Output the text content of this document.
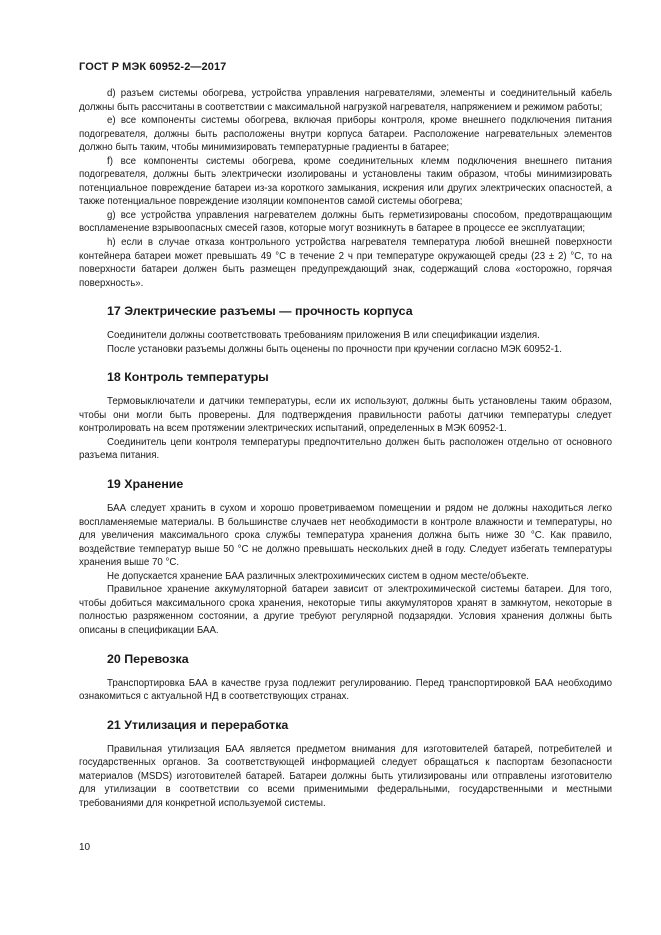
ГОСТ Р МЭК 60952-2—2017

d) разъем системы обогрева, устройства управления нагревателями, элементы и соединительный кабель должны быть рассчитаны в соответствии с максимальной нагрузкой нагревателя, напряжением и режимом работы;

e) все компоненты системы обогрева, включая приборы контроля, кроме внешнего подключения питания подогревателя, должны быть расположены внутри корпуса батареи. Расположение нагревательных элементов должно быть таким, чтобы минимизировать температурные градиенты в батарее;

f) все компоненты системы обогрева, кроме соединительных клемм подключения внешнего питания подогревателя, должны быть электрически изолированы и установлены таким образом, чтобы минимизировать потенциальное повреждение батареи из-за короткого замыкания, искрения или других электрических опасностей, а также потенциальное повреждение изоляции компонентов самой системы обогрева;

g) все устройства управления нагревателем должны быть герметизированы способом, предотвращающим воспламенение взрывоопасных смесей газов, которые могут возникнуть в батарее в процессе ее эксплуатации;

h) если в случае отказа контрольного устройства нагревателя температура любой внешней поверхности контейнера батареи может превышать 49 °С в течение 2 ч при температуре окружающей среды (23 ± 2) °С, то на поверхности батареи должен быть размещен предупреждающий знак, содержащий слова «осторожно, горячая поверхность».

17 Электрические разъемы — прочность корпуса

Соединители должны соответствовать требованиям приложения В или спецификации изделия.

После установки разъемы должны быть оценены по прочности при кручении согласно МЭК 60952-1.

18 Контроль температуры

Термовыключатели и датчики температуры, если их используют, должны быть установлены таким образом, чтобы они могли быть проверены. Для подтверждения правильности работы датчики температуры следует контролировать на всем протяжении электрических испытаний, определенных в МЭК 60952-1.

Соединитель цепи контроля температуры предпочтительно должен быть расположен отдельно от основного разъема питания.

19 Хранение

БАА следует хранить в сухом и хорошо проветриваемом помещении и рядом не должны находиться легко воспламеняемые материалы. В большинстве случаев нет необходимости в контроле влажности и температуры, но для увеличения максимального срока службы температура хранения должна быть ниже 30 °С. Как правило, воздействие температур выше 50 °С не должно превышать нескольких дней в году. Следует избегать температуры хранения выше 70 °С.

Не допускается хранение БАА различных электрохимических систем в одном месте/объекте.

Правильное хранение аккумуляторной батареи зависит от электрохимической системы батареи. Для того, чтобы добиться максимального срока хранения, некоторые типы аккумуляторов хранят в замкнутом, некоторые в полностью разряженном состоянии, а другие требуют регулярной подзарядки. Условия хранения должны быть описаны в спецификации БАА.

20 Перевозка

Транспортировка БАА в качестве груза подлежит регулированию. Перед транспортировкой БАА необходимо ознакомиться с актуальной НД в соответствующих странах.

21 Утилизация и переработка

Правильная утилизация БАА является предметом внимания для изготовителей батарей, потребителей и государственных органов. За соответствующей информацией следует обращаться к паспортам безопасности материалов (MSDS) изготовителей батарей. Батареи должны быть утилизированы или отправлены изготовителю для утилизации в соответствии со всеми применимыми федеральными, государственными и местными требованиями для конкретной используемой системы.

10
